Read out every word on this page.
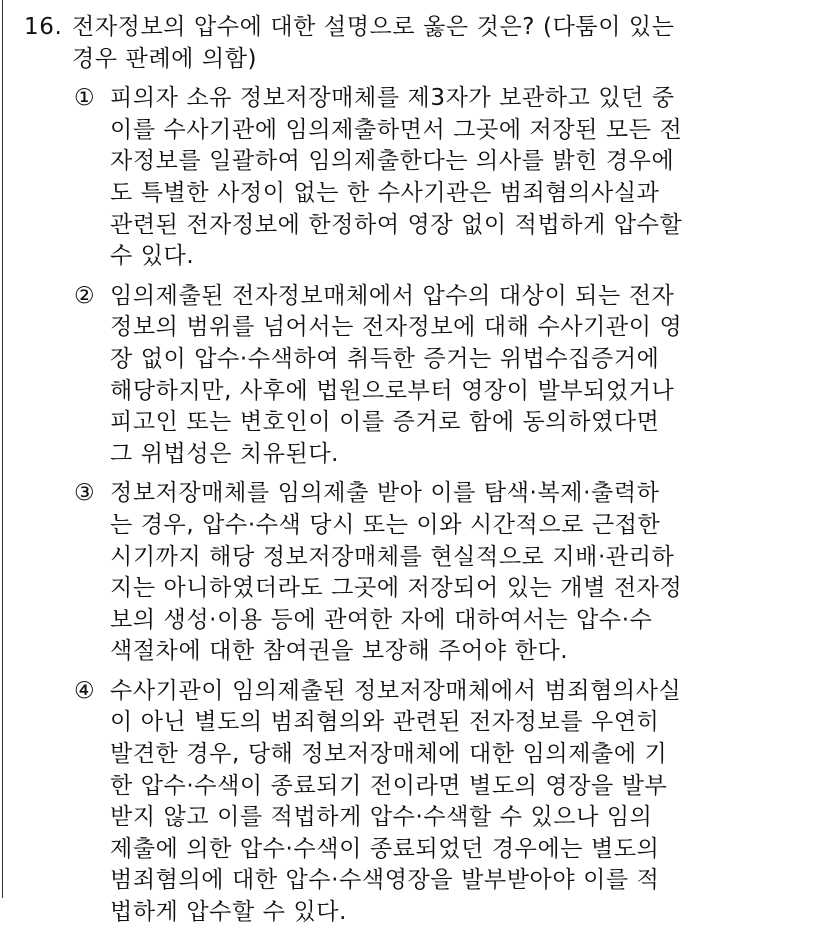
16. 전자정보의 압수에 대한 설명으로 옳은 것은? (다툼이 있는
경우 판례에 의함)
① 피의자 소유 정보저장매체를 제3자가 보관하고 있던 중
이를 수사기관에 임의제출하면서 그곳에 저장된 모든 전
자정보를 일괄하여 임의제출한다는 의사를 밝힌 경우에
도 특별한 사정이 없는 한 수사기관은 범죄혐의사실과
관련된 전자정보에 한정하여 영장 없이 적법하게 압수할
수 있다.
② 임의제출된 전자정보매체에서 압수의 대상이 되는 전자
정보의 범위를 넘어서는 전자정보에 대해 수사기관이 영
장 없이 압수·수색하여 취득한 증거는 위법수집증거에
해당하지만, 사후에 법원으로부터 영장이 발부되었거나
피고인 또는 변호인이 이를 증거로 함에 동의하였다면
그 위법성은 치유된다.
③ 정보저장매체를 임의제출 받아 이를 탐색·복제·출력하
는 경우, 압수·수색 당시 또는 이와 시간적으로 근접한
시기까지 해당 정보저장매체를 현실적으로 지배·관리하
지는 아니하였더라도 그곳에 저장되어 있는 개별 전자정
보의 생성·이용 등에 관여한 자에 대하여서는 압수·수
색절차에 대한 참여권을 보장해 주어야 한다.
④ 수사기관이 임의제출된 정보저장매체에서 범죄혐의사실
이 아닌 별도의 범죄혐의와 관련된 전자정보를 우연히
발견한 경우, 당해 정보저장매체에 대한 임의제출에 기
한 압수·수색이 종료되기 전이라면 별도의 영장을 발부
받지 않고 이를 적법하게 압수·수색할 수 있으나 임의
제출에 의한 압수·수색이 종료되었던 경우에는 별도의
범죄혐의에 대한 압수·수색영장을 발부받아야 이를 적
법하게 압수할 수 있다.
